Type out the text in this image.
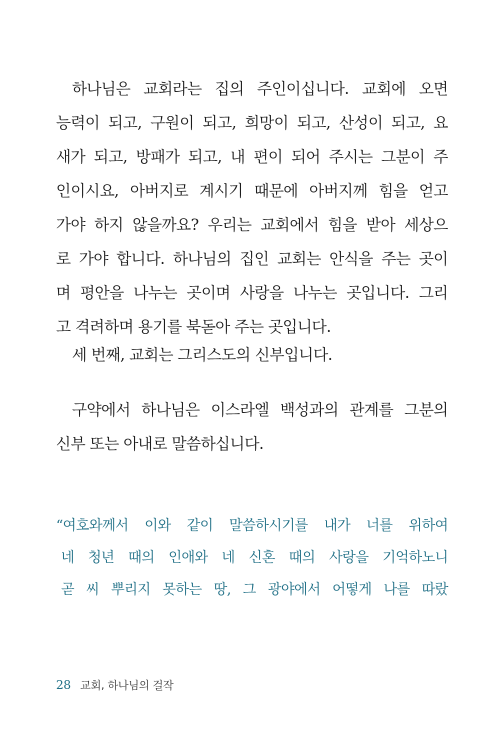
하나님은 교회라는 집의 주인이십니다. 교회에 오면
능력이 되고, 구원이 되고, 희망이 되고, 산성이 되고, 요
새가 되고, 방패가 되고, 내 편이 되어 주시는 그분이 주
인이시요, 아버지로 계시기 때문에 아버지께 힘을 얻고
가야 하지 않을까요? 우리는 교회에서 힘을 받아 세상으
로 가야 합니다. 하나님의 집인 교회는 안식을 주는 곳이
며 평안을 나누는 곳이며 사랑을 나누는 곳입니다. 그리
고 격려하며 용기를 북돋아 주는 곳입니다.

세 번째, 교회는 그리스도의 신부입니다.

구약에서 하나님은 이스라엘 백성과의 관계를 그분의
신부 또는 아내로 말씀하십니다.

“여호와께서 이와 같이 말씀하시기를 내가 너를 위하여
네 청년 때의 인애와 네 신혼 때의 사랑을 기억하노니
곧 씨 뿌리지 못하는 땅, 그 광야에서 어떻게 나를 따랐

28 교회, 하나님의 걸작
